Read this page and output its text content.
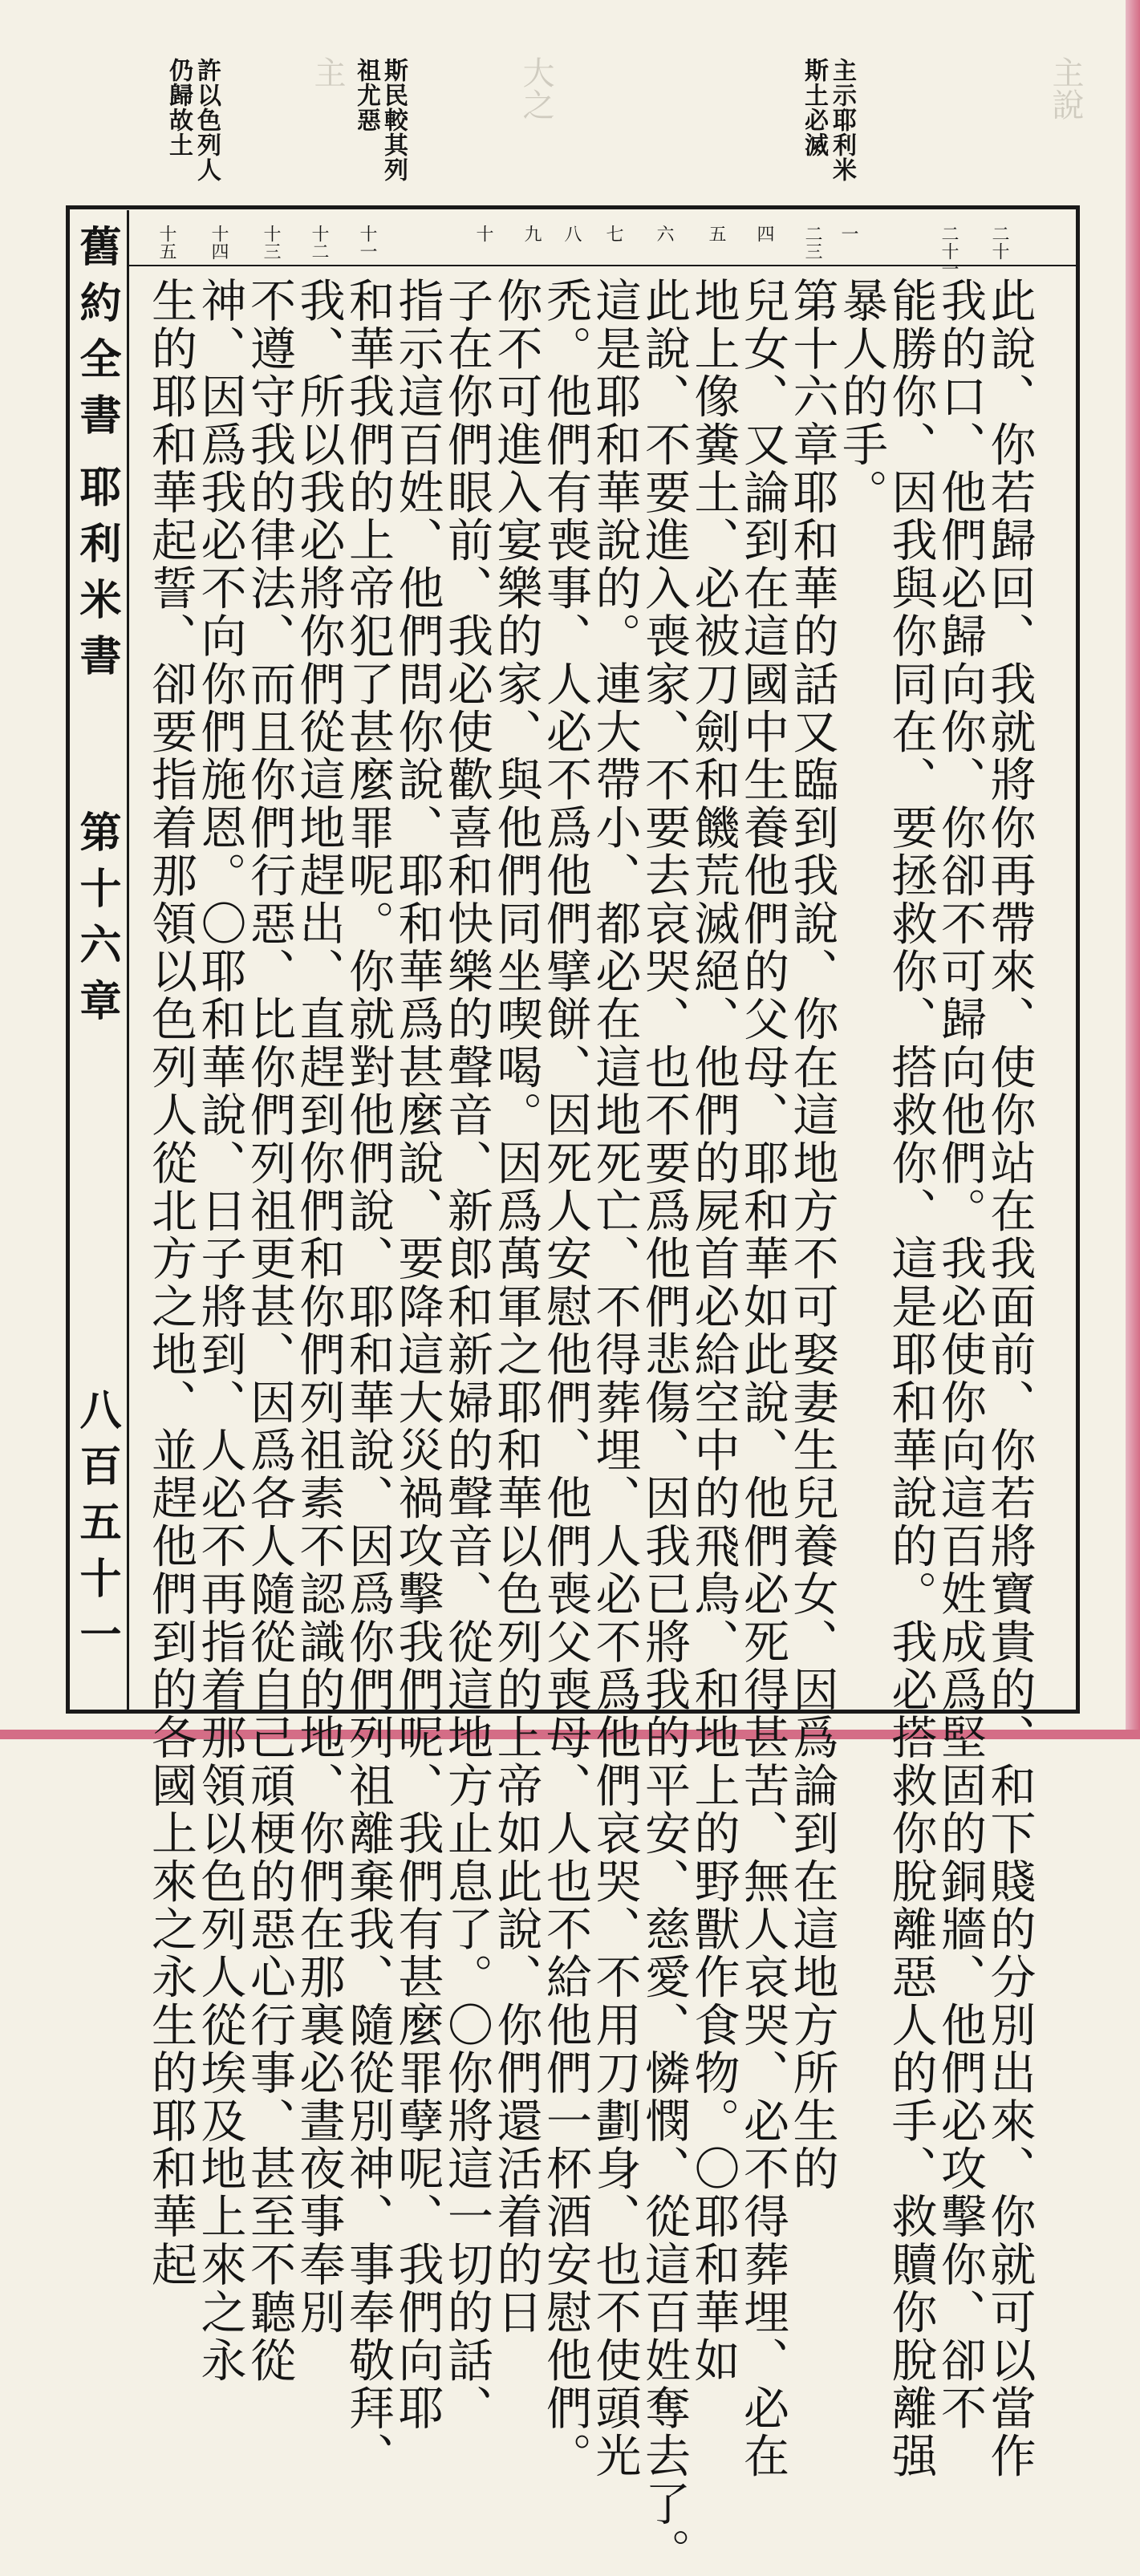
主說
大之
主	主示耶利米
斯土必滅
斯民較其列
祖尤惡
許以色列人
仍歸故土
二十
二十一
一
二三
四
五
六
七
八
九
十
十一
十二
十三
十四
十五
舊約全書
耶利米書
第十六章
八百五十一	此說、你若歸回、我就將你再帶來、使你站在我面前、你若將寶貴的、和下賤的分別出來、你就可以當作
我的口、他們必歸向你、你卻不可歸向他們。我必使你向這百姓成爲堅固的銅牆、他們必攻擊你、卻不
能勝你、因我與你同在、要拯救你、搭救你、這是耶和華說的。我必搭救你脫離惡人的手、救贖你脫離强
暴人的手。
第十六章耶和華的話又臨到我說、你在這地方不可娶妻生兒養女、因爲論到在這地方所生的
兒女、又論到在這國中生養他們的父母、耶和華如此說、他們必死得甚苦、無人哀哭、必不得葬埋、必在
地上像糞土、必被刀劍和饑荒滅絕、他們的屍首必給空中的飛鳥、和地上的野獸作食物。〇耶和華如
此說、不要進入喪家、不要去哀哭、也不要爲他們悲傷、因我已將我的平安、慈愛、憐憫、從這百姓奪去了。
這是耶和華說的。連大帶小、都必在這地死亡、不得葬埋、人必不爲他們哀哭、不用刀劃身、也不使頭光
禿。他們有喪事、人必不爲他們擘餅、因死人安慰他們、他們喪父喪母、人也不給他們一杯酒安慰他們。
你不可進入宴樂的家、與他們同坐喫喝。因爲萬軍之耶和華以色列的上帝如此說、你們還活着的日
子在你們眼前、我必使歡喜和快樂的聲音、新郎和新婦的聲音、從這地方止息了。〇你將這一切的話、
指示這百姓、他們問你說、耶和華爲甚麼說、要降這大災禍攻擊我們呢、我們有甚麼罪孽呢、我們向耶
和華我們的上帝犯了甚麼罪呢。你就對他們說、耶和華說、因爲你們列祖離棄我、隨從別神、事奉敬拜、
我、所以我必將你們從這地趕出、直趕到你們和你們列祖素不認識的地、你們在那裏必晝夜事奉別
不遵守我的律法、而且你們行惡、比你們列祖更甚、因爲各人隨從自己頑梗的惡心行事、甚至不聽從
神、因爲我必不向你們施恩。〇耶和華說、日子將到、人必不再指着那領以色列人從埃及地上來之永
生的耶和華起誓、卻要指着那領以色列人從北方之地、並趕他們到的各國上來之永生的耶和華起
